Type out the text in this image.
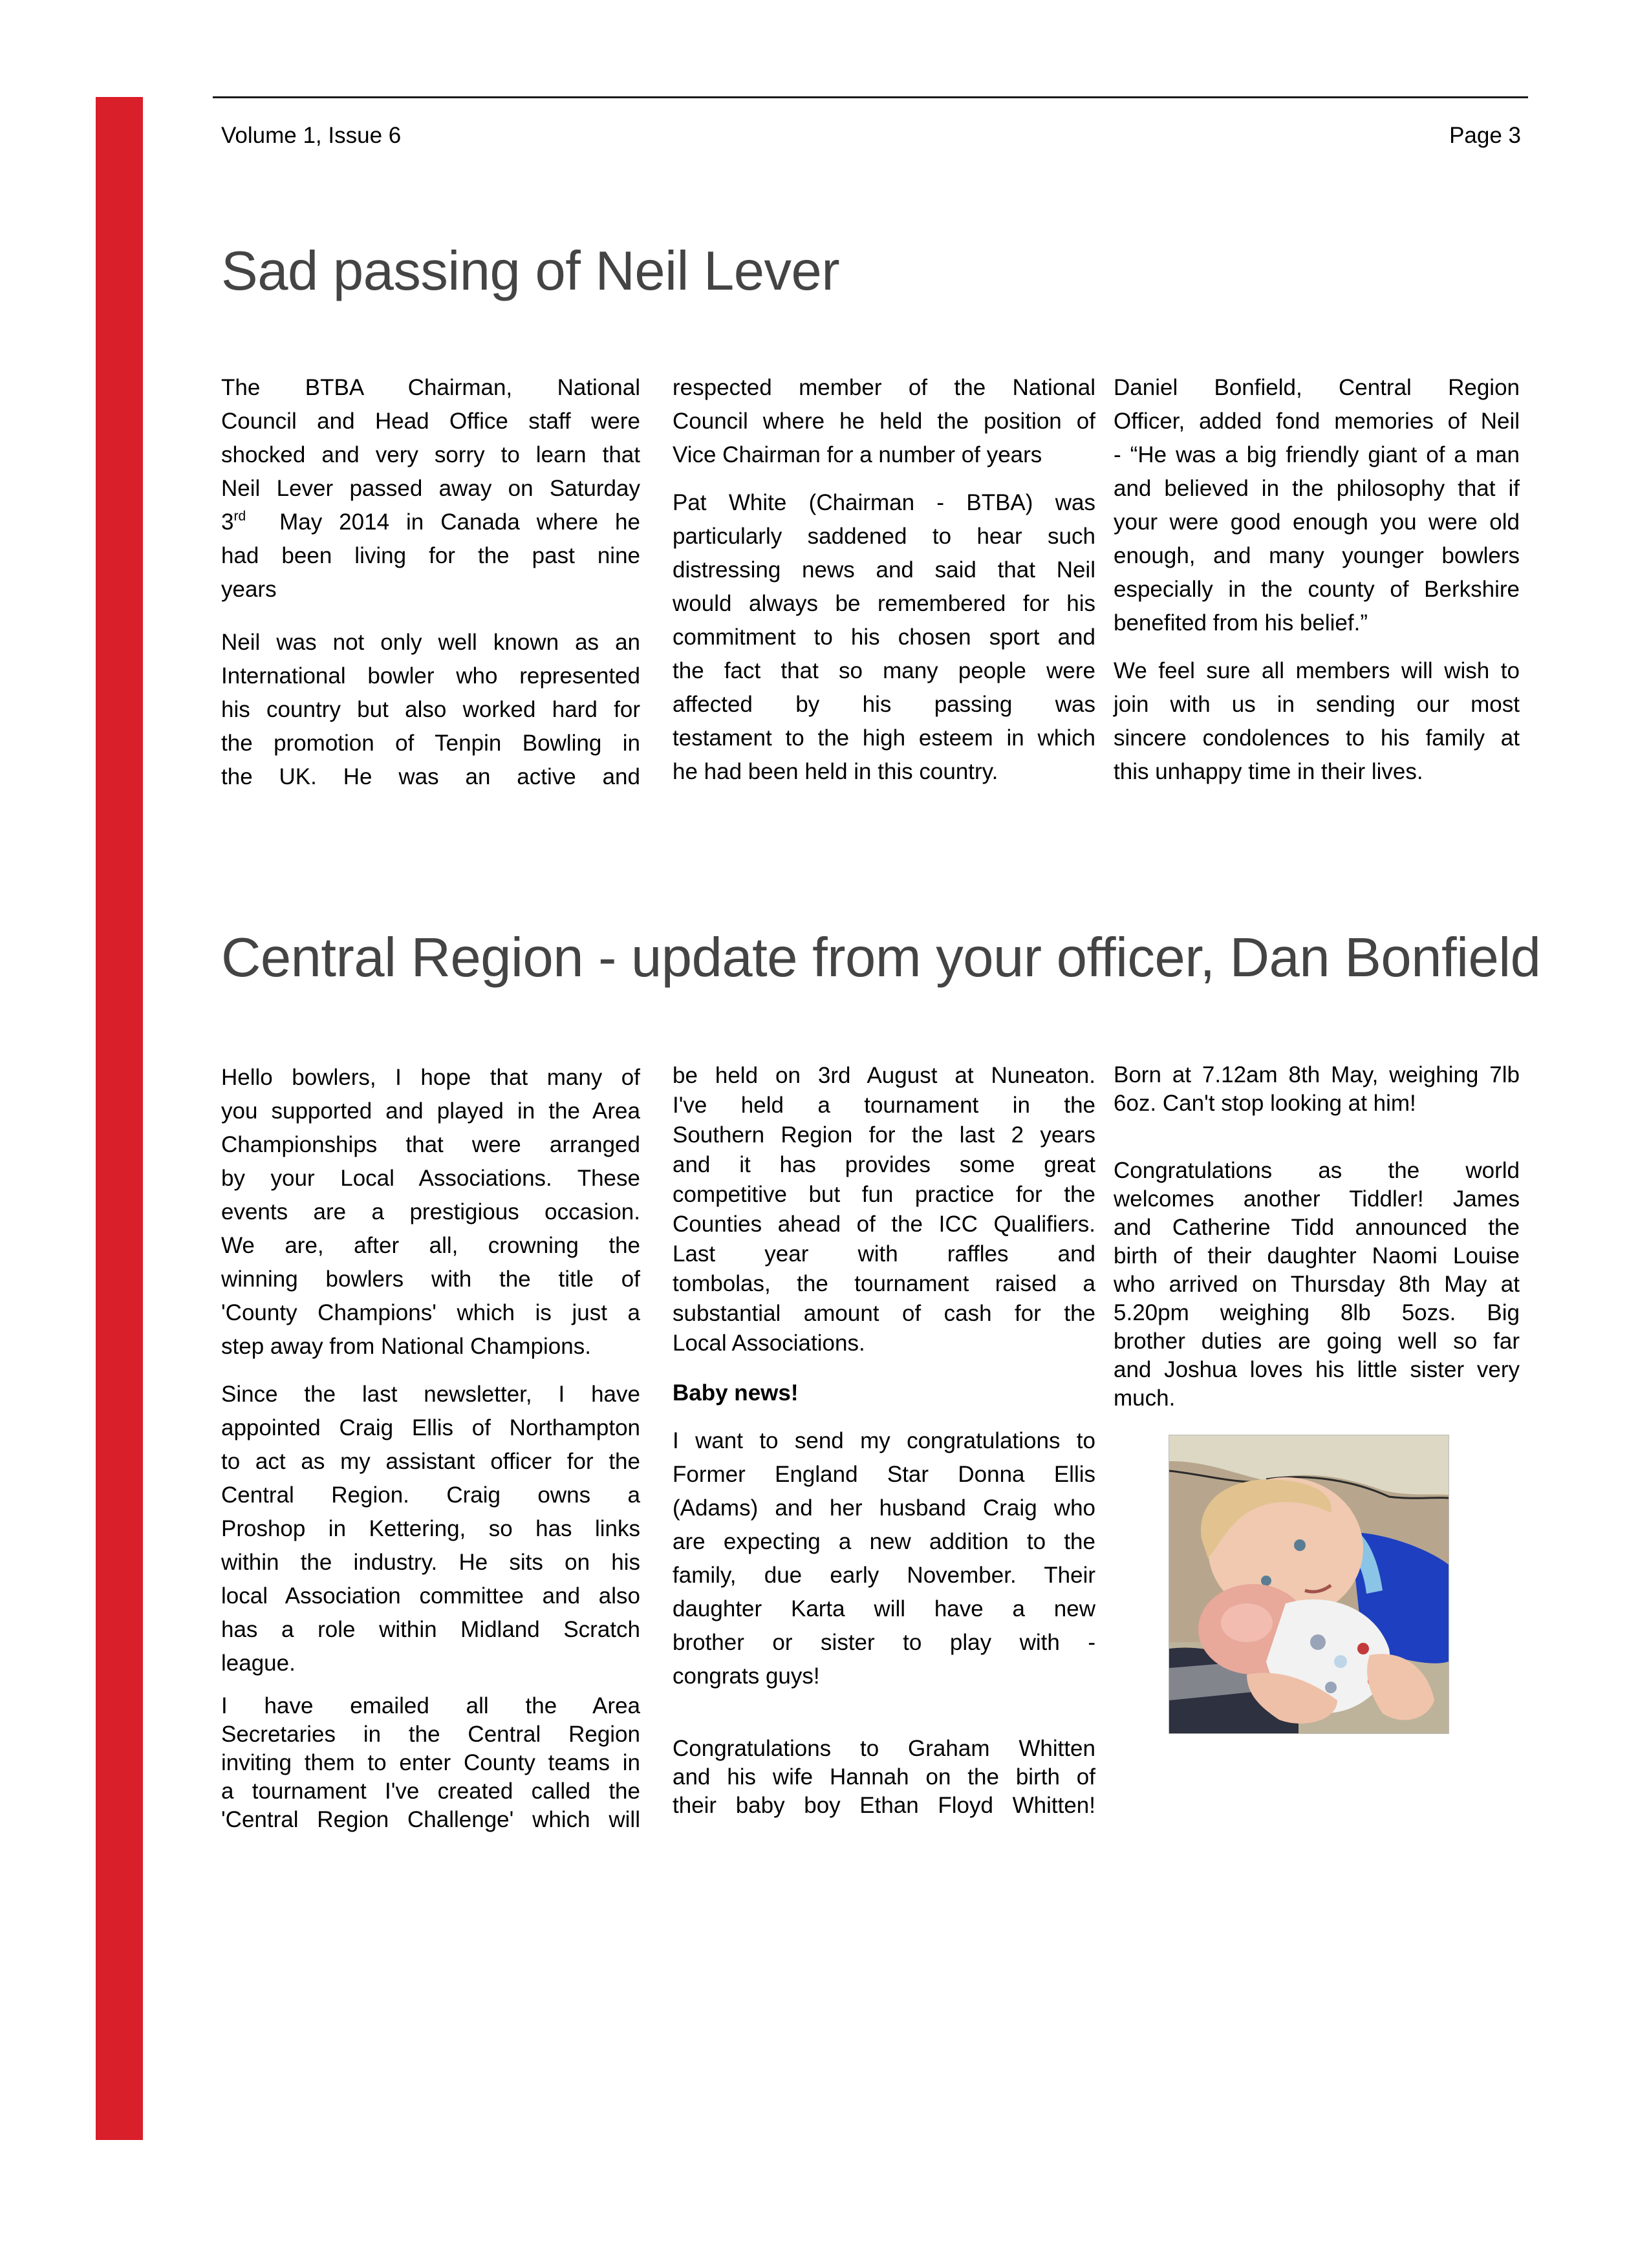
Volume 1, Issue 6	Page 3
Sad passing of Neil Lever
The BTBA Chairman, National
Council and Head Office staff were
shocked and very sorry to learn that
Neil Lever passed away on Saturday
3rd May 2014 in Canada where he
had been living for the past nine
years
Neil was not only well known as an
International bowler who represented
his country but also worked hard for
the promotion of Tenpin Bowling in
the UK. He was an active and
respected member of the National
Council where he held the position of
Vice Chairman for a number of years
Pat White (Chairman - BTBA) was
particularly saddened to hear such
distressing news and said that Neil
would always be remembered for his
commitment to his chosen sport and
the fact that so many people were
affected by his passing was
testament to the high esteem in which
he had been held in this country.
Daniel Bonfield, Central Region
Officer, added fond memories of Neil
- “He was a big friendly giant of a man
and believed in the philosophy that if
your were good enough you were old
enough, and many younger bowlers
especially in the county of Berkshire
benefited from his belief.”
We feel sure all members will wish to
join with us in sending our most
sincere condolences to his family at
this unhappy time in their lives.
Central Region - update from your officer, Dan Bonfield
Hello bowlers, I hope that many of
you supported and played in the Area
Championships that were arranged
by your Local Associations. These
events are a prestigious occasion.
We are, after all, crowning the
winning bowlers with the title of
'County Champions' which is just a
step away from National Champions.
Since the last newsletter, I have
appointed Craig Ellis of Northampton
to act as my assistant officer for the
Central Region. Craig owns a
Proshop in Kettering, so has links
within the industry. He sits on his
local Association committee and also
has a role within Midland Scratch
league.
I have emailed all the Area
Secretaries in the Central Region
inviting them to enter County teams in
a tournament I've created called the
'Central Region Challenge' which will
be held on 3rd August at Nuneaton.
I've held a tournament in the
Southern Region for the last 2 years
and it has provides some great
competitive but fun practice for the
Counties ahead of the ICC Qualifiers.
Last year with raffles and
tombolas, the tournament raised a
substantial amount of cash for the
Local Associations.
Baby news!
I want to send my congratulations to
Former England Star Donna Ellis
(Adams) and her husband Craig who
are expecting a new addition to the
family, due early November. Their
daughter Karta will have a new
brother or sister to play with -
congrats guys!
Congratulations to Graham Whitten
and his wife Hannah on the birth of
their baby boy Ethan Floyd Whitten!
Born at 7.12am 8th May, weighing 7lb
6oz. Can't stop looking at him!
Congratulations as the world
welcomes another Tiddler! James
and Catherine Tidd announced the
birth of their daughter Naomi Louise
who arrived on Thursday 8th May at
5.20pm weighing 8lb 5ozs. Big
brother duties are going well so far
and Joshua loves his little sister very
much.
